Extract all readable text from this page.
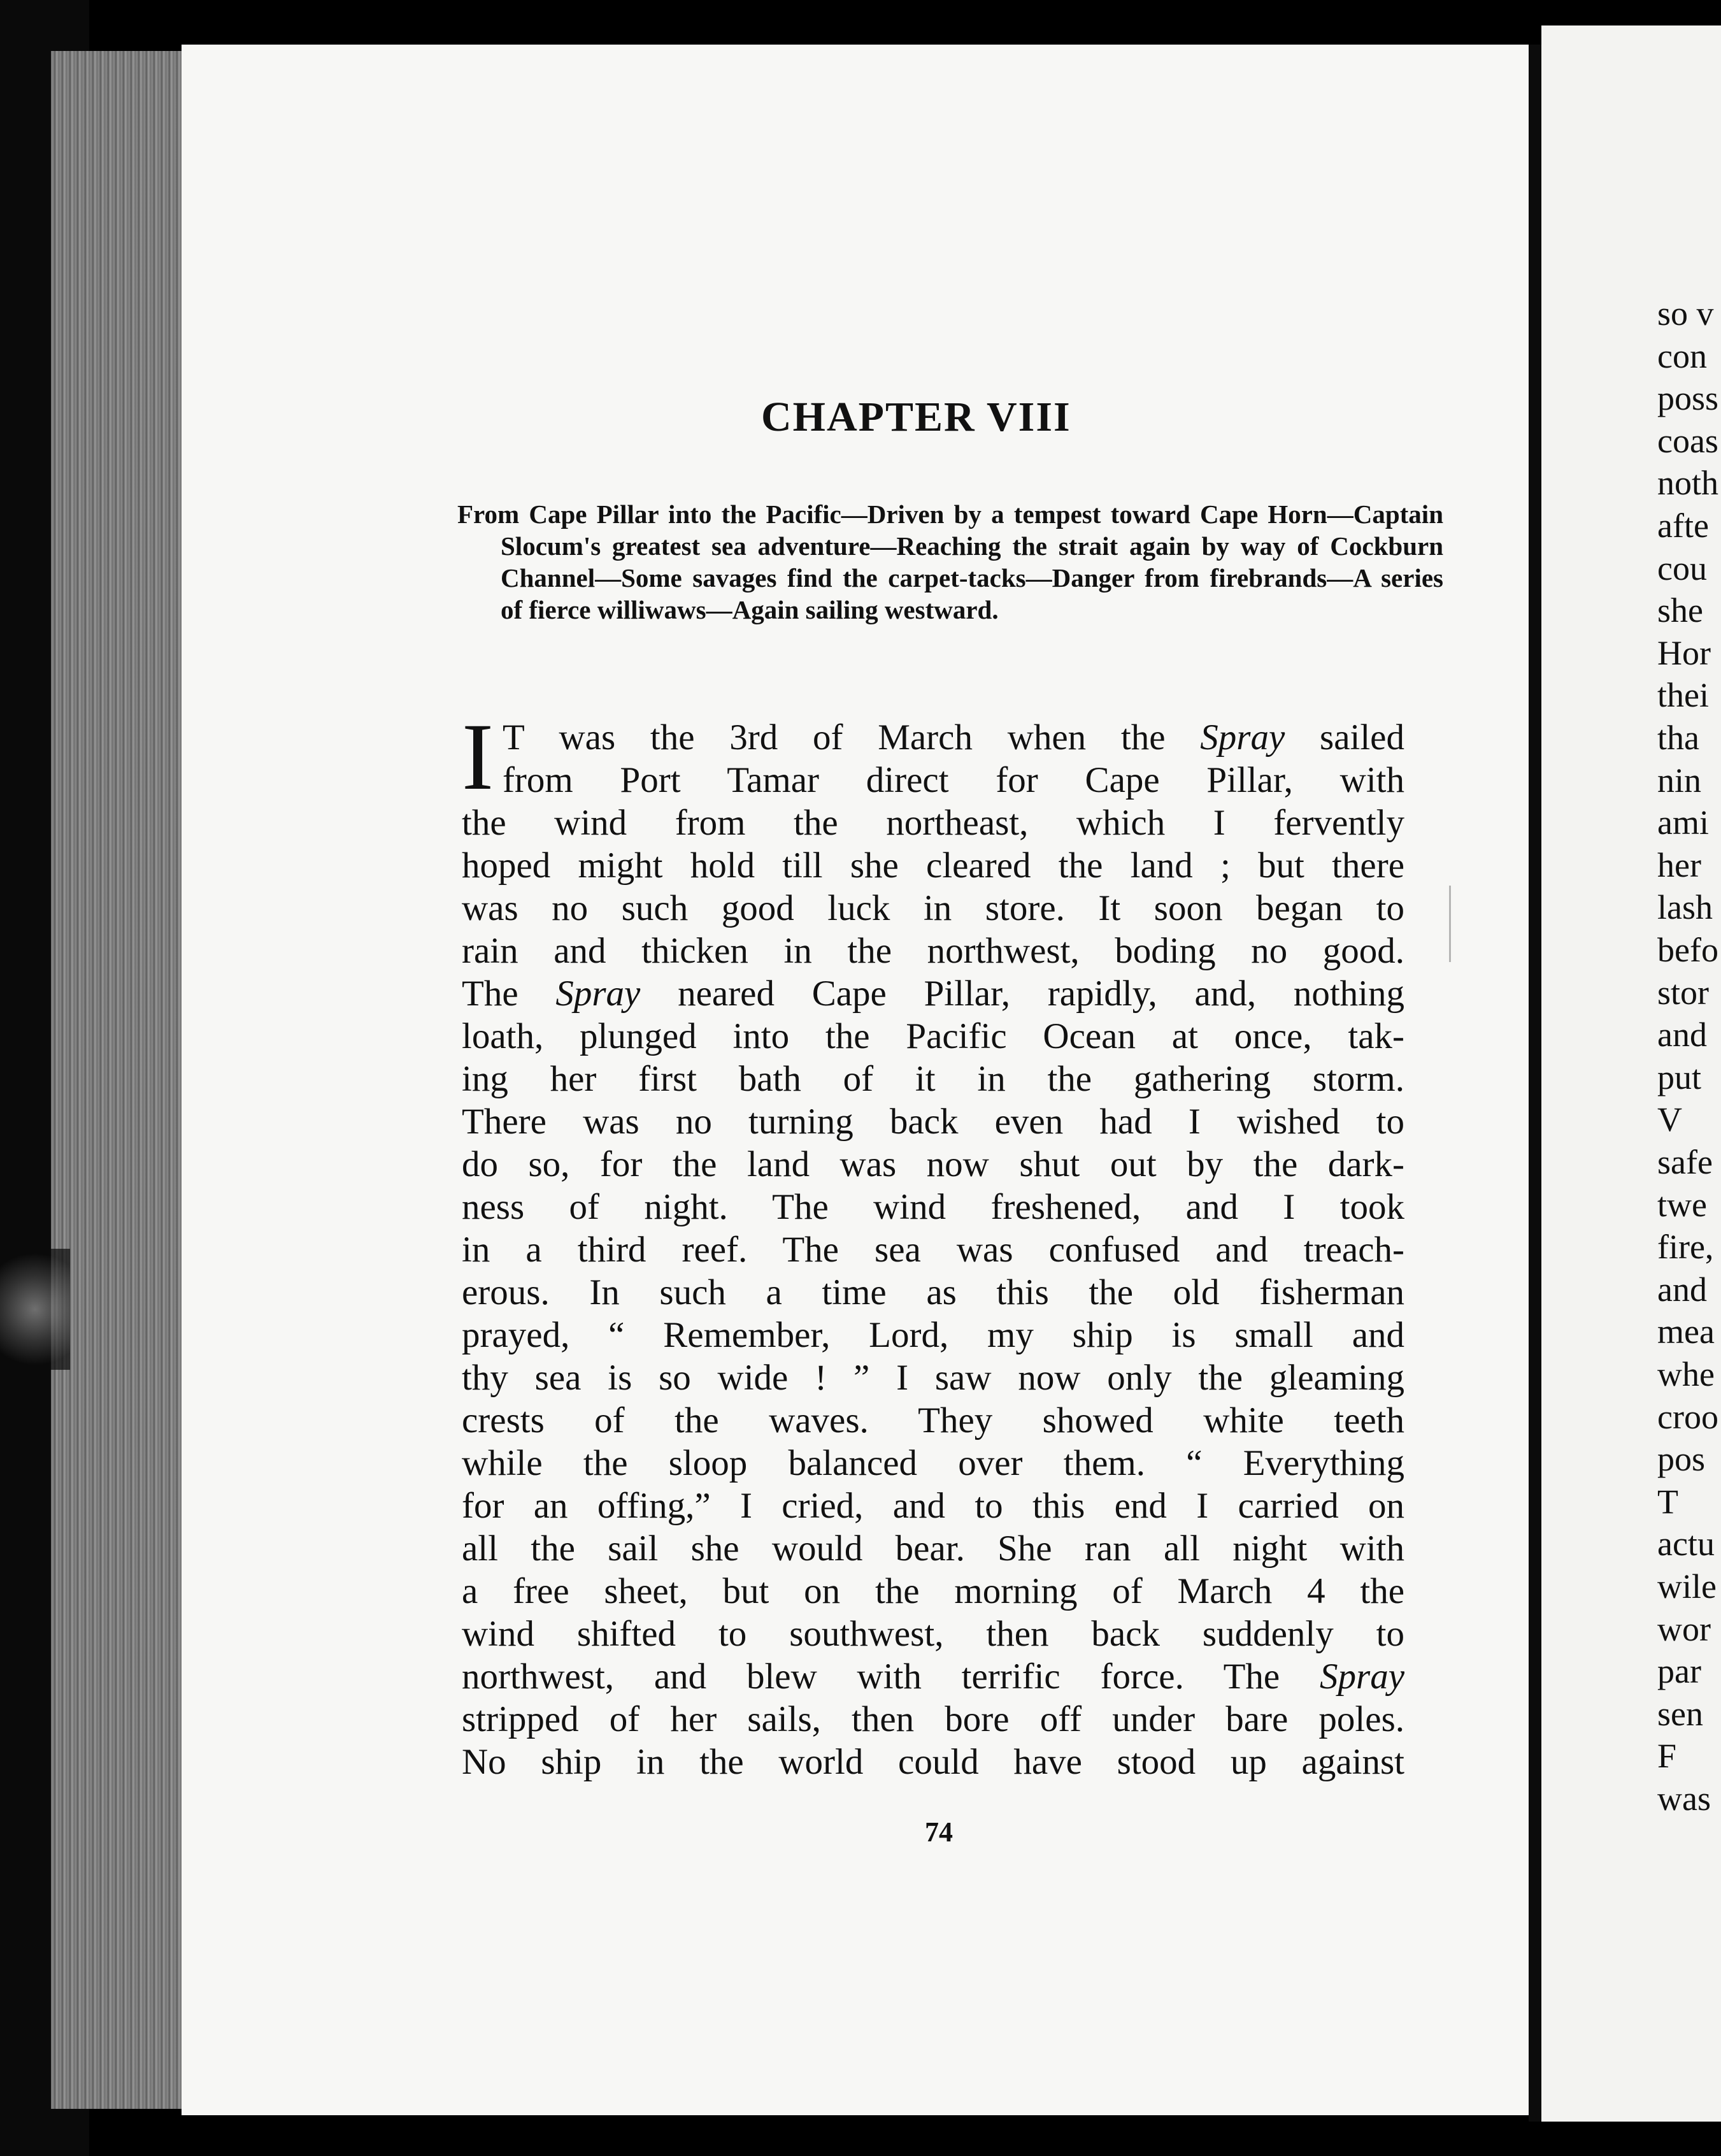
so v

con

poss

coas

noth

afte

cou

she

Hor

thei

tha

nin

ami

her

lash

befo

stor

and

put

V

safe

twe

fire,

and

mea

whe

croo

pos

T

actu

wile

wor

par

sen

F

was

CHAPTER VIII

From Cape Pillar into the Pacific—Driven by a tempest toward Cape Horn—Captain Slocum's greatest sea adventure—Reaching the strait again by way of Cockburn Channel—Some savages find the carpet-tacks—Danger from firebrands—A series of fierce williwaws—Again sailing westward.

I T was the 3rd of March when the Spray sailed
from Port Tamar direct for Cape Pillar, with
the wind from the northeast, which I fervently
hoped might hold till she cleared the land ; but there
was no such good luck in store. It soon began to
rain and thicken in the northwest, boding no good.
The Spray neared Cape Pillar, rapidly, and, nothing
loath, plunged into the Pacific Ocean at once, tak-
ing her first bath of it in the gathering storm.
There was no turning back even had I wished to
do so, for the land was now shut out by the dark-
ness of night. The wind freshened, and I took
in a third reef. The sea was confused and treach-
erous. In such a time as this the old fisherman
prayed, “ Remember, Lord, my ship is small and
thy sea is so wide ! ” I saw now only the gleaming
crests of the waves. They showed white teeth
while the sloop balanced over them. “ Everything
for an offing,” I cried, and to this end I carried on
all the sail she would bear. She ran all night with
a free sheet, but on the morning of March 4 the
wind shifted to southwest, then back suddenly to
northwest, and blew with terrific force. The Spray
stripped of her sails, then bore off under bare poles.
No ship in the world could have stood up against

74
